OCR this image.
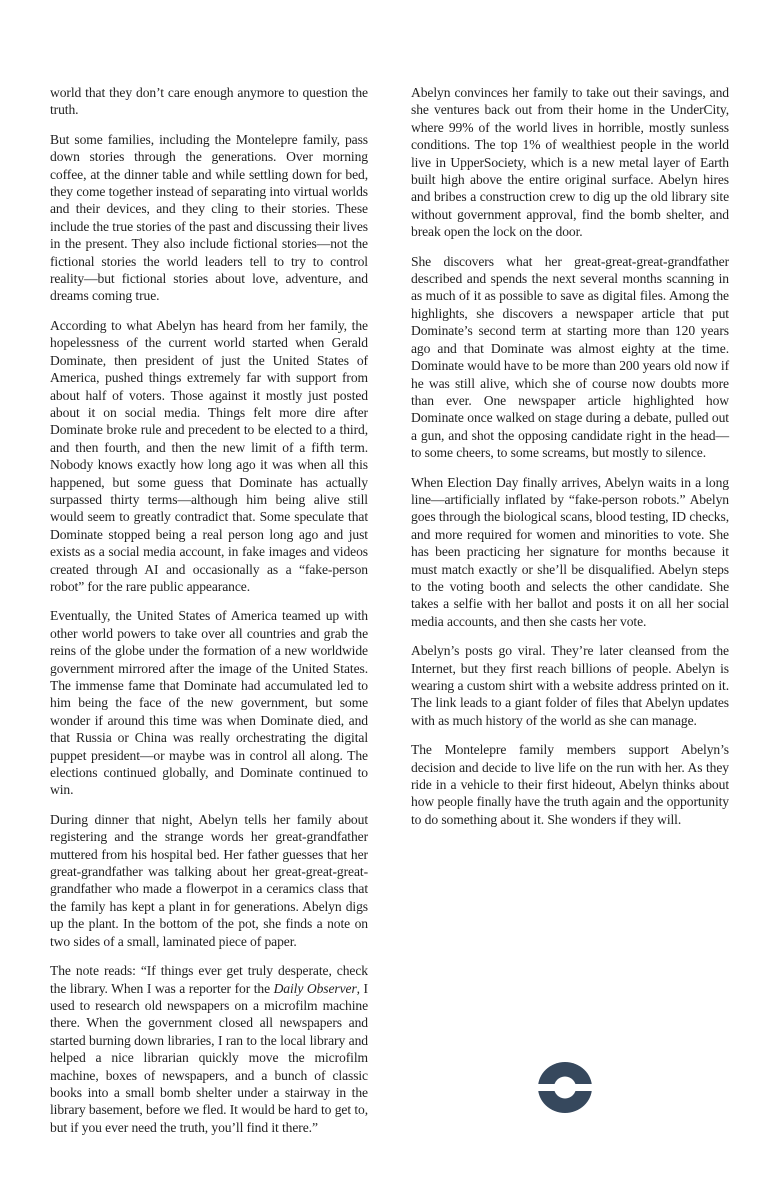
world that they don’t care enough anymore to question the truth.

But some families, including the Montelepre family, pass down stories through the generations. Over morning coffee, at the dinner table and while settling down for bed, they come together instead of separating into virtual worlds and their devices, and they cling to their stories. These include the true stories of the past and discussing their lives in the present. They also include fictional stories—not the fictional stories the world leaders tell to try to control reality—but fictional stories about love, adventure, and dreams coming true.

According to what Abelyn has heard from her family, the hopelessness of the current world started when Gerald Dominate, then president of just the United States of America, pushed things extremely far with support from about half of voters. Those against it mostly just posted about it on social media. Things felt more dire after Dominate broke rule and precedent to be elected to a third, and then fourth, and then the new limit of a fifth term. Nobody knows exactly how long ago it was when all this happened, but some guess that Dominate has actually surpassed thirty terms—although him being alive still would seem to greatly contradict that. Some speculate that Dominate stopped being a real person long ago and just exists as a social media account, in fake images and videos created through AI and occasionally as a “fake-person robot” for the rare public appearance.

Eventually, the United States of America teamed up with other world powers to take over all countries and grab the reins of the globe under the formation of a new worldwide government mirrored after the image of the United States. The immense fame that Dominate had accumulated led to him being the face of the new government, but some wonder if around this time was when Dominate died, and that Russia or China was really orchestrating the digital puppet president—or maybe was in control all along. The elections continued globally, and Dominate continued to win.

During dinner that night, Abelyn tells her family about registering and the strange words her great-grandfather muttered from his hospital bed. Her father guesses that her great-grandfather was talking about her great-great-great-grandfather who made a flowerpot in a ceramics class that the family has kept a plant in for generations. Abelyn digs up the plant. In the bottom of the pot, she finds a note on two sides of a small, laminated piece of paper.

The note reads: “If things ever get truly desperate, check the library. When I was a reporter for the Daily Observer, I used to research old newspapers on a microfilm machine there. When the government closed all newspapers and started burning down libraries, I ran to the local library and helped a nice librarian quickly move the microfilm machine, boxes of newspapers, and a bunch of classic books into a small bomb shelter under a stairway in the library basement, before we fled. It would be hard to get to, but if you ever need the truth, you’ll find it there.”

Abelyn convinces her family to take out their savings, and she ventures back out from their home in the UnderCity, where 99% of the world lives in horrible, mostly sunless conditions. The top 1% of wealthiest people in the world live in UpperSociety, which is a new metal layer of Earth built high above the entire original surface. Abelyn hires and bribes a construction crew to dig up the old library site without government approval, find the bomb shelter, and break open the lock on the door.

She discovers what her great-great-great-grandfather described and spends the next several months scanning in as much of it as possible to save as digital files. Among the highlights, she discovers a newspaper article that put Dominate’s second term at starting more than 120 years ago and that Dominate was almost eighty at the time. Dominate would have to be more than 200 years old now if he was still alive, which she of course now doubts more than ever. One newspaper article highlighted how Dominate once walked on stage during a debate, pulled out a gun, and shot the opposing candidate right in the head—to some cheers, to some screams, but mostly to silence.

When Election Day finally arrives, Abelyn waits in a long line—artificially inflated by “fake-person robots.” Abelyn goes through the biological scans, blood testing, ID checks, and more required for women and minorities to vote. She has been practicing her signature for months because it must match exactly or she’ll be disqualified. Abelyn steps to the voting booth and selects the other candidate. She takes a selfie with her ballot and posts it on all her social media accounts, and then she casts her vote.

Abelyn’s posts go viral. They’re later cleansed from the Internet, but they first reach billions of people. Abelyn is wearing a custom shirt with a website address printed on it. The link leads to a giant folder of files that Abelyn updates with as much history of the world as she can manage.

The Montelepre family members support Abelyn’s decision and decide to live life on the run with her. As they ride in a vehicle to their first hideout, Abelyn thinks about how people finally have the truth again and the opportunity to do something about it. She wonders if they will.
